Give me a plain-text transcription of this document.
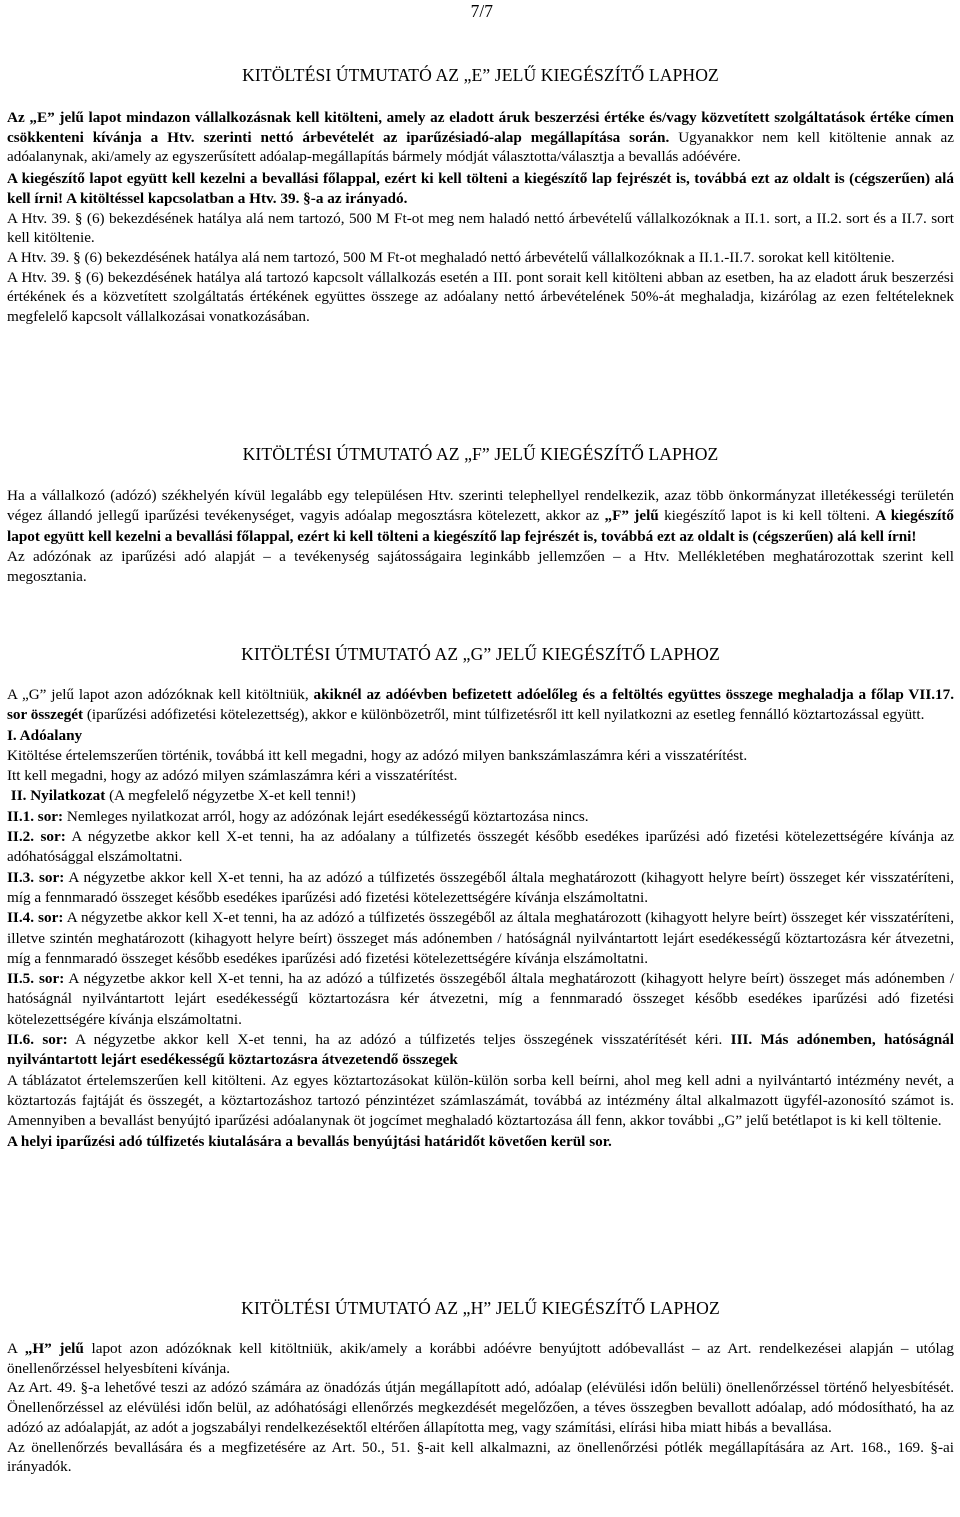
7/7
KITÖLTÉSI ÚTMUTATÓ AZ „E” JELŰ KIEGÉSZÍTŐ LAPHOZ

Az „E” jelű lapot mindazon vállalkozásnak kell kitölteni, amely az eladott áruk beszerzési értéke és/vagy közvetített szolgáltatások értéke címen csökkenteni kívánja a Htv. szerinti nettó árbevételét az iparűzésiadó-alap megállapítása során. Ugyanakkor nem kell kitöltenie annak az adóalanynak, aki/amely az egyszerűsített adóalap-megállapítás bármely módját választotta/választja a bevallás adóévére.

A kiegészítő lapot együtt kell kezelni a bevallási főlappal, ezért ki kell tölteni a kiegészítő lap fejrészét is, továbbá ezt az oldalt is (cégszerűen) alá kell írni! A kitöltéssel kapcsolatban a Htv. 39. §-a az irányadó.

A Htv. 39. § (6) bekezdésének hatálya alá nem tartozó, 500 M Ft-ot meg nem haladó nettó árbevételű vállalkozóknak a II.1. sort, a II.2. sort és a II.7. sort kell kitöltenie.

A Htv. 39. § (6) bekezdésének hatálya alá nem tartozó, 500 M Ft-ot meghaladó nettó árbevételű vállalkozóknak a II.1.-II.7. sorokat kell kitöltenie.

A Htv. 39. § (6) bekezdésének hatálya alá tartozó kapcsolt vállalkozás esetén a III. pont sorait kell kitölteni abban az esetben, ha az eladott áruk beszerzési értékének és a közvetített szolgáltatás értékének együttes összege az adóalany nettó árbevételének 50%-át meghaladja, kizárólag az ezen feltételeknek megfelelő kapcsolt vállalkozásai vonatkozásában.

KITÖLTÉSI ÚTMUTATÓ AZ „F” JELŰ KIEGÉSZÍTŐ LAPHOZ

Ha a vállalkozó (adózó) székhelyén kívül legalább egy településen Htv. szerinti telephellyel rendelkezik, azaz több önkormányzat illetékességi területén végez állandó jellegű iparűzési tevékenységet, vagyis adóalap megosztásra kötelezett, akkor az „F” jelű kiegészítő lapot is ki kell tölteni. A kiegészítő lapot együtt kell kezelni a bevallási főlappal, ezért ki kell tölteni a kiegészítő lap fejrészét is, továbbá ezt az oldalt is (cégszerűen) alá kell írni!

Az adózónak az iparűzési adó alapját – a tevékenység sajátosságaira leginkább jellemzően – a Htv. Mellékletében meghatározottak szerint kell megosztania.

KITÖLTÉSI ÚTMUTATÓ AZ „G” JELŰ KIEGÉSZÍTŐ LAPHOZ

A „G” jelű lapot azon adózóknak kell kitöltniük, akiknél az adóévben befizetett adóelőleg és a feltöltés együttes összege meghaladja a főlap VII.17. sor összegét (iparűzési adófizetési kötelezettség), akkor e különbözetről, mint túlfizetésről itt kell nyilatkozni az esetleg fennálló köztartozással együtt.

I. Adóalany

Kitöltése értelemszerűen történik, továbbá itt kell megadni, hogy az adózó milyen bankszámlaszámra kéri a visszatérítést.

Itt kell megadni, hogy az adózó milyen számlaszámra kéri a visszatérítést.

II. Nyilatkozat (A megfelelő négyzetbe X-et kell tenni!)

II.1. sor: Nemleges nyilatkozat arról, hogy az adózónak lejárt esedékességű köztartozása nincs.

II.2. sor: A négyzetbe akkor kell X-et tenni, ha az adóalany a túlfizetés összegét később esedékes iparűzési adó fizetési kötelezettségére kívánja az adóhatósággal elszámoltatni.

II.3. sor: A négyzetbe akkor kell X-et tenni, ha az adózó a túlfizetés összegéből általa meghatározott (kihagyott helyre beírt) összeget kér visszatéríteni, míg a fennmaradó összeget később esedékes iparűzési adó fizetési kötelezettségére kívánja elszámoltatni.

II.4. sor: A négyzetbe akkor kell X-et tenni, ha az adózó a túlfizetés összegéből az általa meghatározott (kihagyott helyre beírt) összeget kér visszatéríteni, illetve szintén meghatározott (kihagyott helyre beírt) összeget más adónemben / hatóságnál nyilvántartott lejárt esedékességű köztartozásra kér átvezetni, míg a fennmaradó összeget később esedékes iparűzési adó fizetési kötelezettségére kívánja elszámoltatni.

II.5. sor: A négyzetbe akkor kell X-et tenni, ha az adózó a túlfizetés összegéből általa meghatározott (kihagyott helyre beírt) összeget más adónemben / hatóságnál nyilvántartott lejárt esedékességű köztartozásra kér átvezetni, míg a fennmaradó összeget később esedékes iparűzési adó fizetési kötelezettségére kívánja elszámoltatni.

II.6. sor: A négyzetbe akkor kell X-et tenni, ha az adózó a túlfizetés teljes összegének visszatérítését kéri. III. Más adónemben, hatóságnál nyilvántartott lejárt esedékességű köztartozásra átvezetendő összegek

A táblázatot értelemszerűen kell kitölteni. Az egyes köztartozásokat külön-külön sorba kell beírni, ahol meg kell adni a nyilvántartó intézmény nevét, a köztartozás fajtáját és összegét, a köztartozáshoz tartozó pénzintézet számlaszámát, továbbá az intézmény által alkalmazott ügyfél-azonosító számot is. Amennyiben a bevallást benyújtó iparűzési adóalanynak öt jogcímet meghaladó köztartozása áll fenn, akkor további „G” jelű betétlapot is ki kell töltenie.

A helyi iparűzési adó túlfizetés kiutalására a bevallás benyújtási határidőt követően kerül sor.

KITÖLTÉSI ÚTMUTATÓ AZ „H” JELŰ KIEGÉSZÍTŐ LAPHOZ

A „H” jelű lapot azon adózóknak kell kitöltniük, akik/amely a korábbi adóévre benyújtott adóbevallást – az Art. rendelkezései alapján – utólag önellenőrzéssel helyesbíteni kívánja.

Az Art. 49. §-a lehetővé teszi az adózó számára az önadózás útján megállapított adó, adóalap (elévülési időn belüli) önellenőrzéssel történő helyesbítését. Önellenőrzéssel az elévülési időn belül, az adóhatósági ellenőrzés megkezdését megelőzően, a téves összegben bevallott adóalap, adó módosítható, ha az adózó az adóalapját, az adót a jogszabályi rendelkezésektől eltérően állapította meg, vagy számítási, elírási hiba miatt hibás a bevallása.

Az önellenőrzés bevallására és a megfizetésére az Art. 50., 51. §-ait kell alkalmazni, az önellenőrzési pótlék megállapítására az Art. 168., 169. §-ai irányadók.
